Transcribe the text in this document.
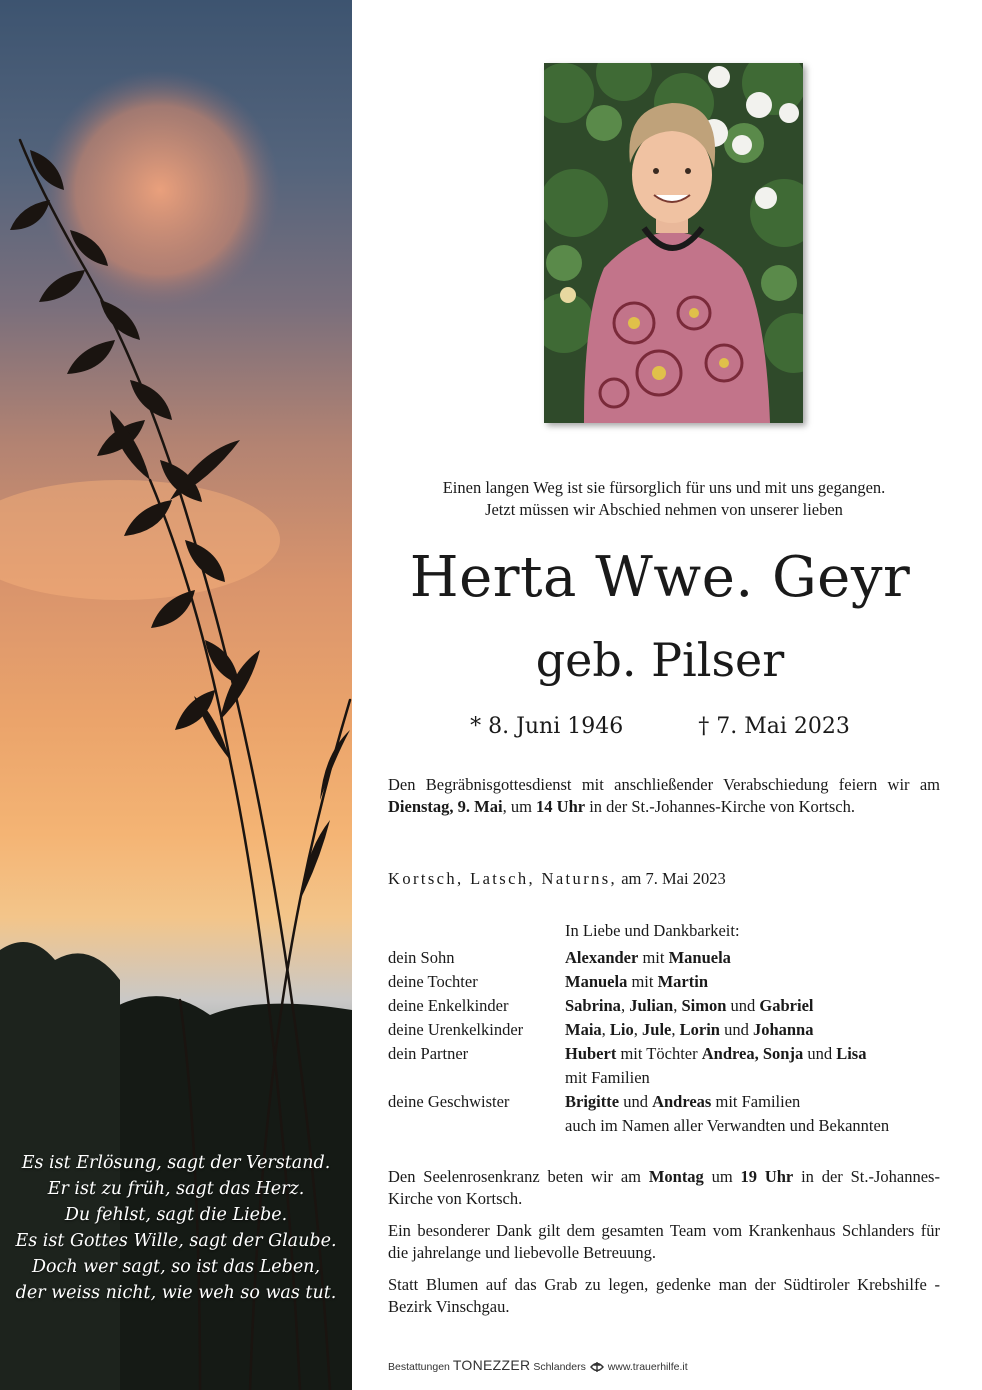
Es ist Erlösung, sagt der Verstand.
Er ist zu früh, sagt das Herz.
Du fehlst, sagt die Liebe.
Es ist Gottes Wille, sagt der Glaube.
Doch wer sagt, so ist das Leben,
der weiss nicht, wie weh so was tut.
Einen langen Weg ist sie fürsorglich für uns und mit uns gegangen.
Jetzt müssen wir Abschied nehmen von unserer lieben
Herta Wwe. Geyr
geb. Pilser
* 8. Juni 1946	† 7. Mai 2023
Den Begräbnisgottesdienst mit anschließender Verabschiedung feiern wir am Dienstag, 9. Mai, um 14 Uhr in der St.-Johannes-Kirche von Kortsch.
Kortsch, Latsch, Naturns, am 7. Mai 2023
In Liebe und Dankbarkeit:
dein Sohn	Alexander mit Manuela
deine Tochter	Manuela mit Martin
deine Enkelkinder	Sabrina, Julian, Simon und Gabriel
deine Urenkelkinder	Maia, Lio, Jule, Lorin und Johanna
dein Partner	Hubert mit Töchter Andrea, Sonja und Lisa
mit Familien
deine Geschwister	Brigitte und Andreas mit Familien
auch im Namen aller Verwandten und Bekannten
Den Seelenrosenkranz beten wir am Montag um 19 Uhr in der St.-Johannes-Kirche von Kortsch.
Ein besonderer Dank gilt dem gesamten Team vom Krankenhaus Schlanders für die jahrelange und liebevolle Betreuung.
Statt Blumen auf das Grab zu legen, gedenke man der Südtiroler Krebshilfe - Bezirk Vinschgau.
Bestattungen TONEZZER Schlanders www.trauerhilfe.it
